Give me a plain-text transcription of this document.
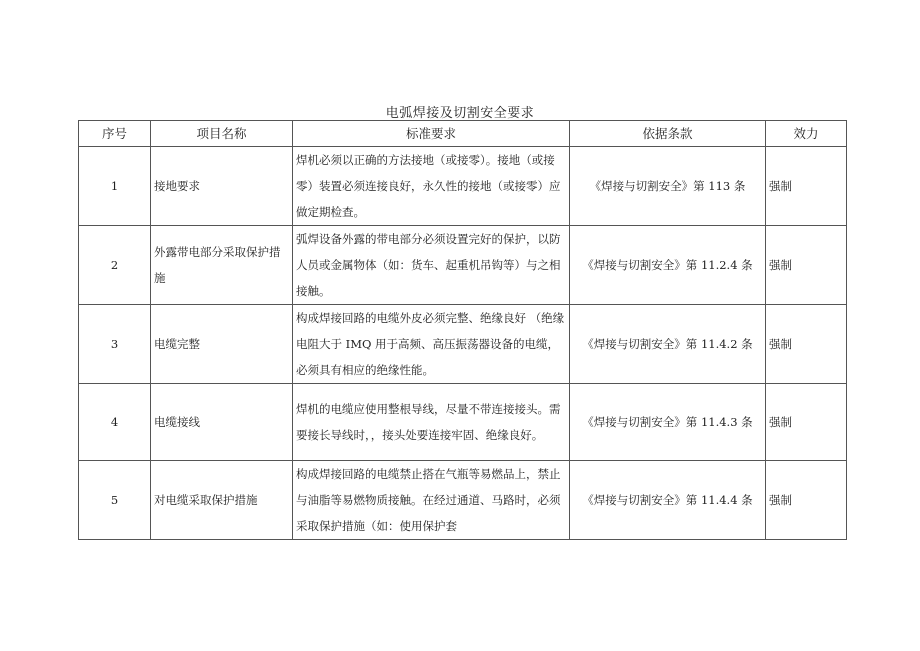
电弧焊接及切割安全要求
序号	项目名称	标准要求	依据条款	效力
1	接地要求	焊机必须以正确的方法接地（或接零）。接地（或接零）装置必须连接良好，永久性的接地（或接零）应做定期检查。	《焊接与切割安全》第 113 条	强制
2	外露带电部分采取保护措施	弧焊设备外露的带电部分必须设置完好的保护，以防人员或金属物体（如：货车、起重机吊钩等）与之相接触。	《焊接与切割安全》第 11.2.4 条	强制
3	电缆完整	构成焊接回路的电缆外皮必须完整、绝缘良好 （绝缘电阻大于 IMQ 用于高频、高压振荡器设备的电缆，必须具有相应的绝缘性能。	《焊接与切割安全》第 11.4.2 条	强制
4	电缆接线	焊机的电缆应使用整根导线，尽量不带连接接头。需要接长导线时，，接头处要连接牢固、绝缘良好。	《焊接与切割安全》第 11.4.3 条	强制
5	对电缆采取保护措施	构成焊接回路的电缆禁止搭在气瓶等易燃品上，禁止与油脂等易燃物质接触。在经过通道、马路时，必须采取保护措施（如：使用保护套	《焊接与切割安全》第 11.4.4 条	强制
